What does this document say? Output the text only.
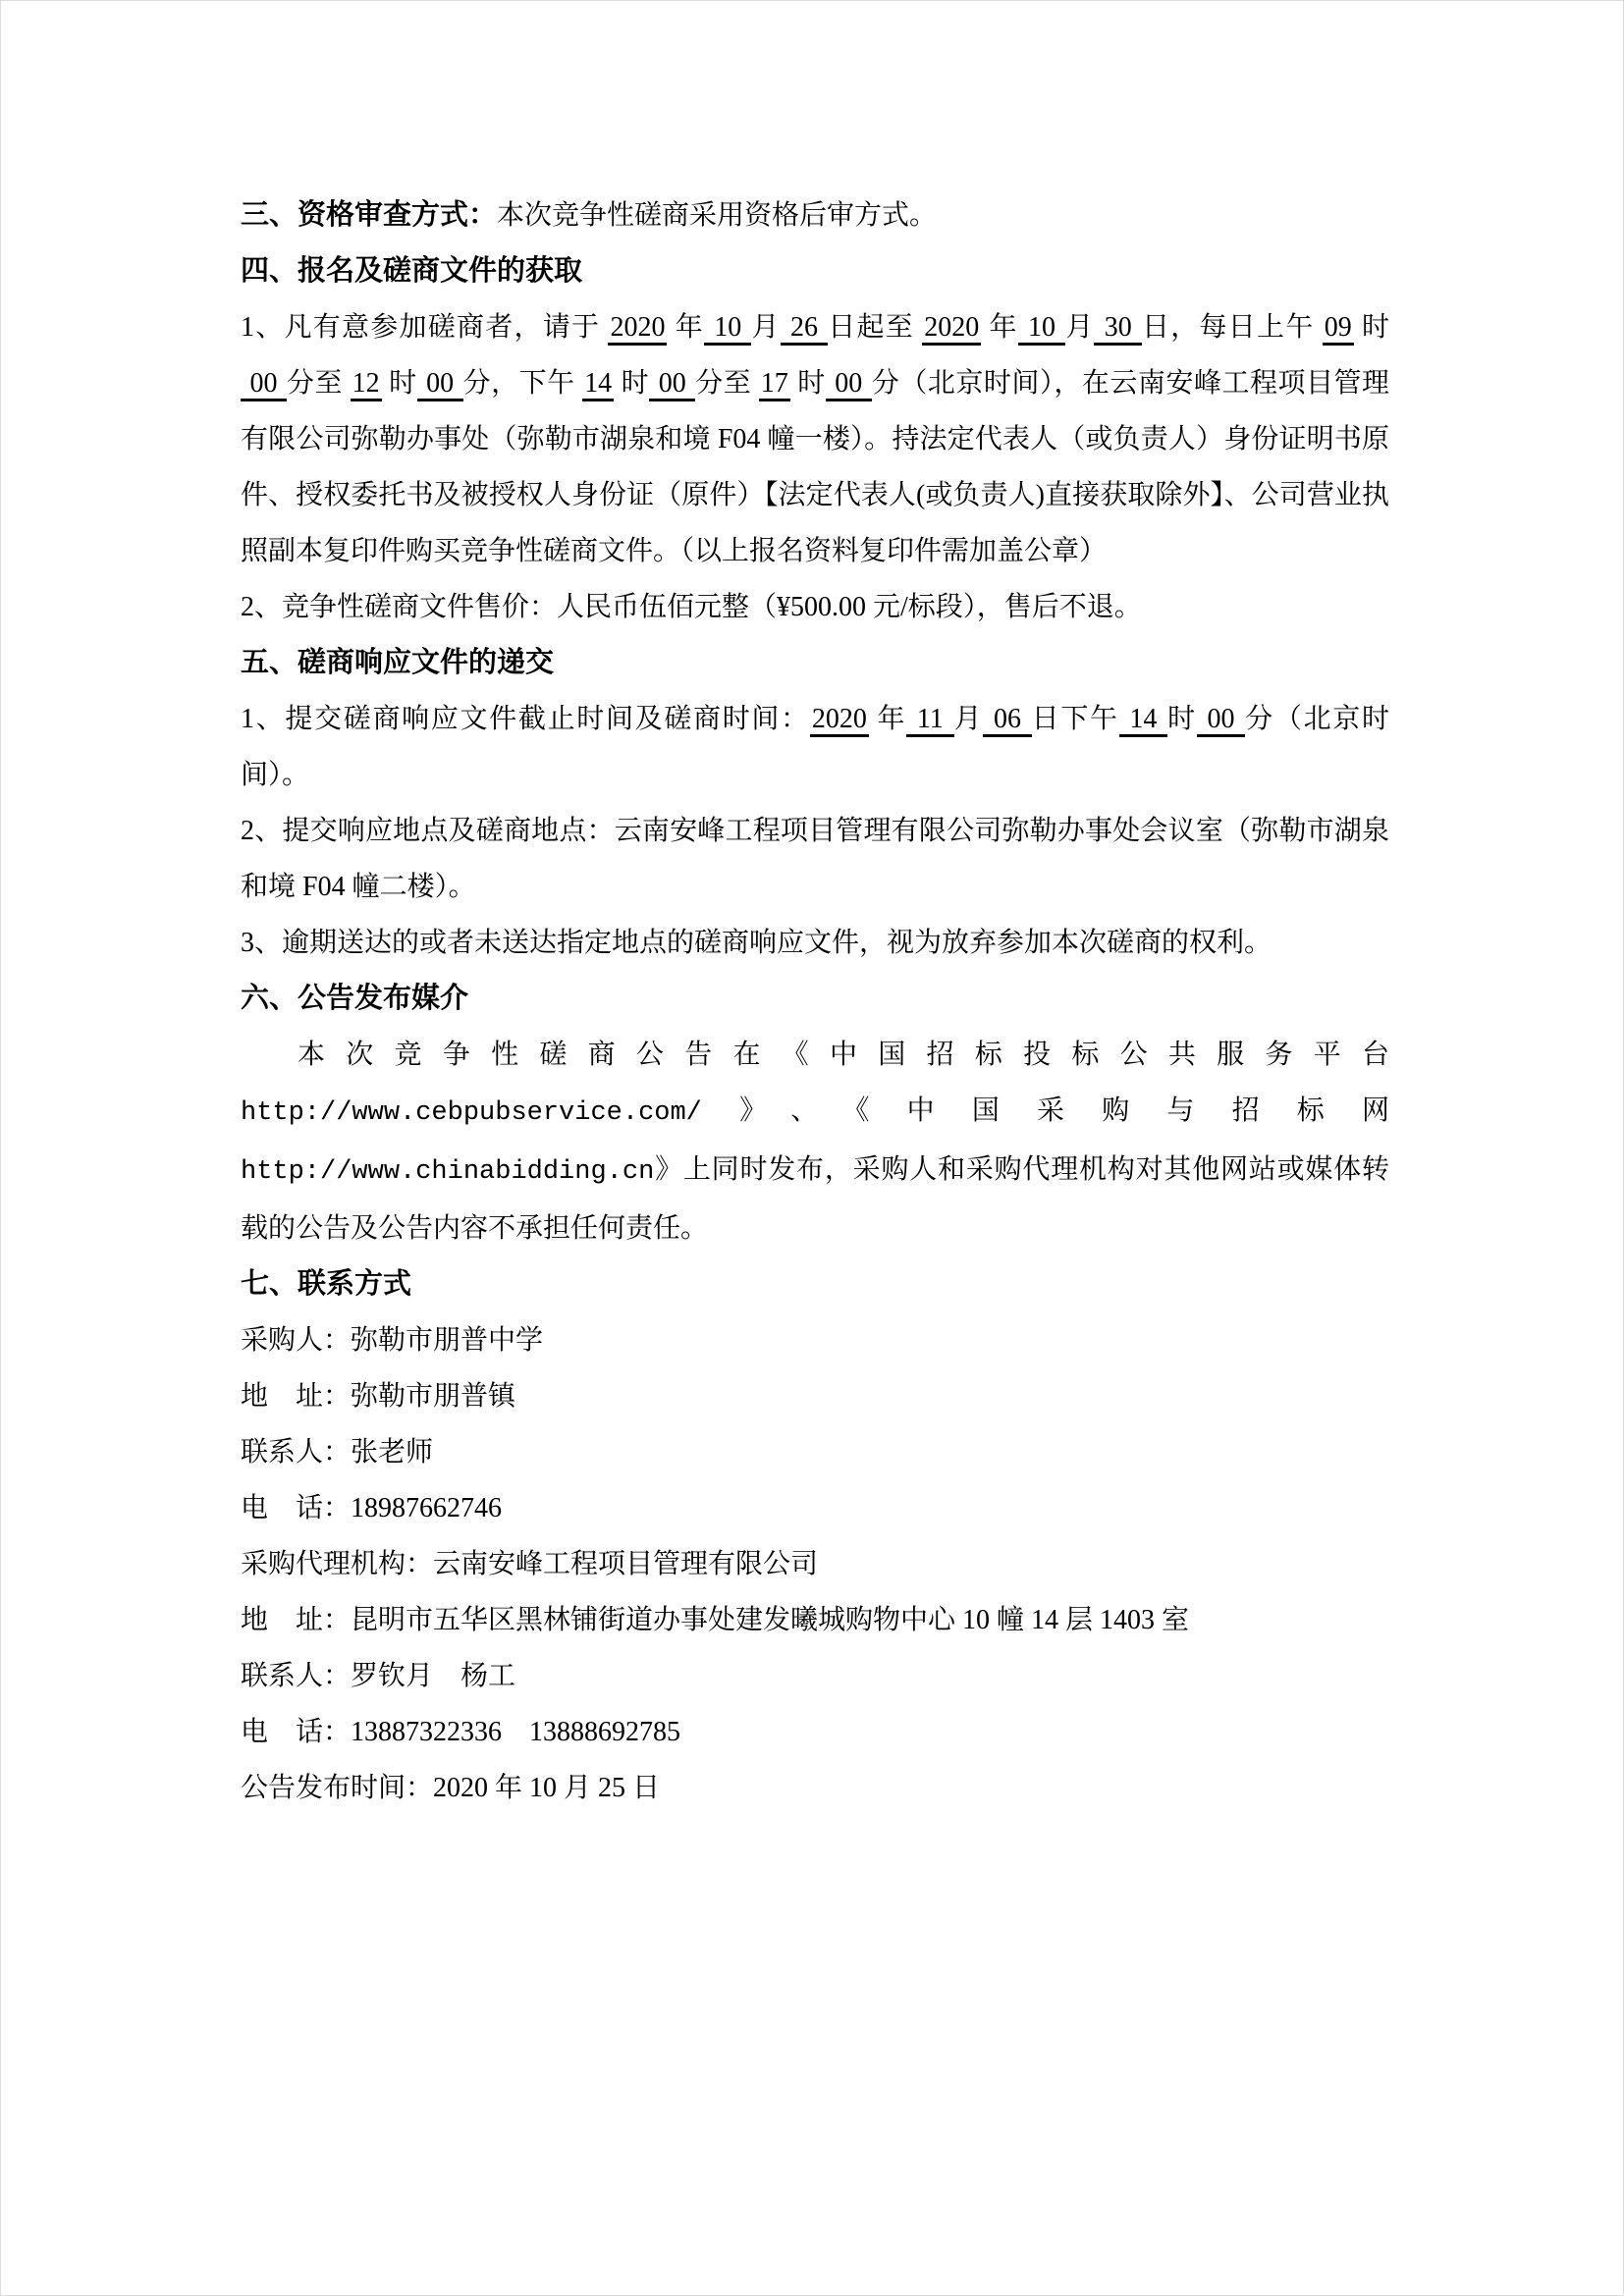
三、资格审查方式：本次竞争性磋商采用资格后审方式。

四、报名及磋商文件的获取

1、凡有意参加磋商者，请于 2020 年 10 月 26 日起至 2020 年 10 月 30 日，每日上午 09 时 00 分至 12 时 00 分，下午 14 时 00 分至 17 时 00 分（北京时间），在云南安峰工程项目管理有限公司弥勒办事处（弥勒市湖泉和境 F04 幢一楼）。持法定代表人（或负责人）身份证明书原件、授权委托书及被授权人身份证（原件）【法定代表人(或负责人)直接获取除外】、公司营业执照副本复印件购买竞争性磋商文件。（以上报名资料复印件需加盖公章）

2、竞争性磋商文件售价：人民币伍佰元整（¥500.00 元/标段），售后不退。

五、磋商响应文件的递交

1、提交磋商响应文件截止时间及磋商时间：2020 年 11 月 06 日下午 14 时 00 分（北京时间）。

2、提交响应地点及磋商地点：云南安峰工程项目管理有限公司弥勒办事处会议室（弥勒市湖泉和境 F04 幢二楼）。

3、逾期送达的或者未送达指定地点的磋商响应文件，视为放弃参加本次磋商的权利。

六、公告发布媒介

本次竞争性磋商公告在《中国招标投标公共服务平台 http://www.cebpubservice.com/》、《中国采购与招标网 http://www.chinabidding.cn》上同时发布，采购人和采购代理机构对其他网站或媒体转载的公告及公告内容不承担任何责任。

七、联系方式

采购人：弥勒市朋普中学

地　址：弥勒市朋普镇

联系人：张老师

电　话：18987662746

采购代理机构：云南安峰工程项目管理有限公司

地　址：昆明市五华区黑林铺街道办事处建发曦城购物中心 10 幢 14 层 1403 室

联系人：罗钦月　杨工

电　话：13887322336　13888692785

公告发布时间：2020 年 10 月 25 日
